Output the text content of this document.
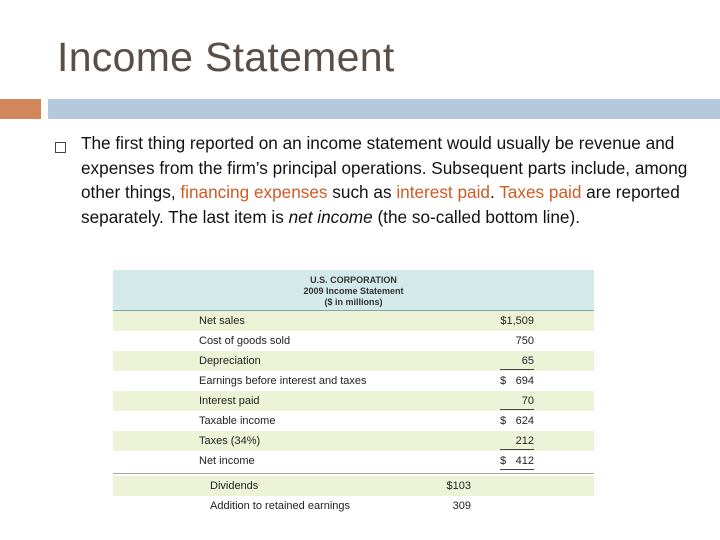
Income Statement
The first thing reported on an income statement would usually be revenue and expenses from the firm’s principal operations. Subsequent parts include, among other things, financing expenses such as interest paid. Taxes paid are reported separately. The last item is net income (the so-called bottom line).
U.S. CORPORATION
2009 Income Statement
($ in millions)
Net sales	$1,509
Cost of goods sold	750
Depreciation	65
Earnings before interest and taxes	$ 694
Interest paid	70
Taxable income	$ 624
Taxes (34%)	212
Net income	$ 412
Dividends	$103
Addition to retained earnings	309
